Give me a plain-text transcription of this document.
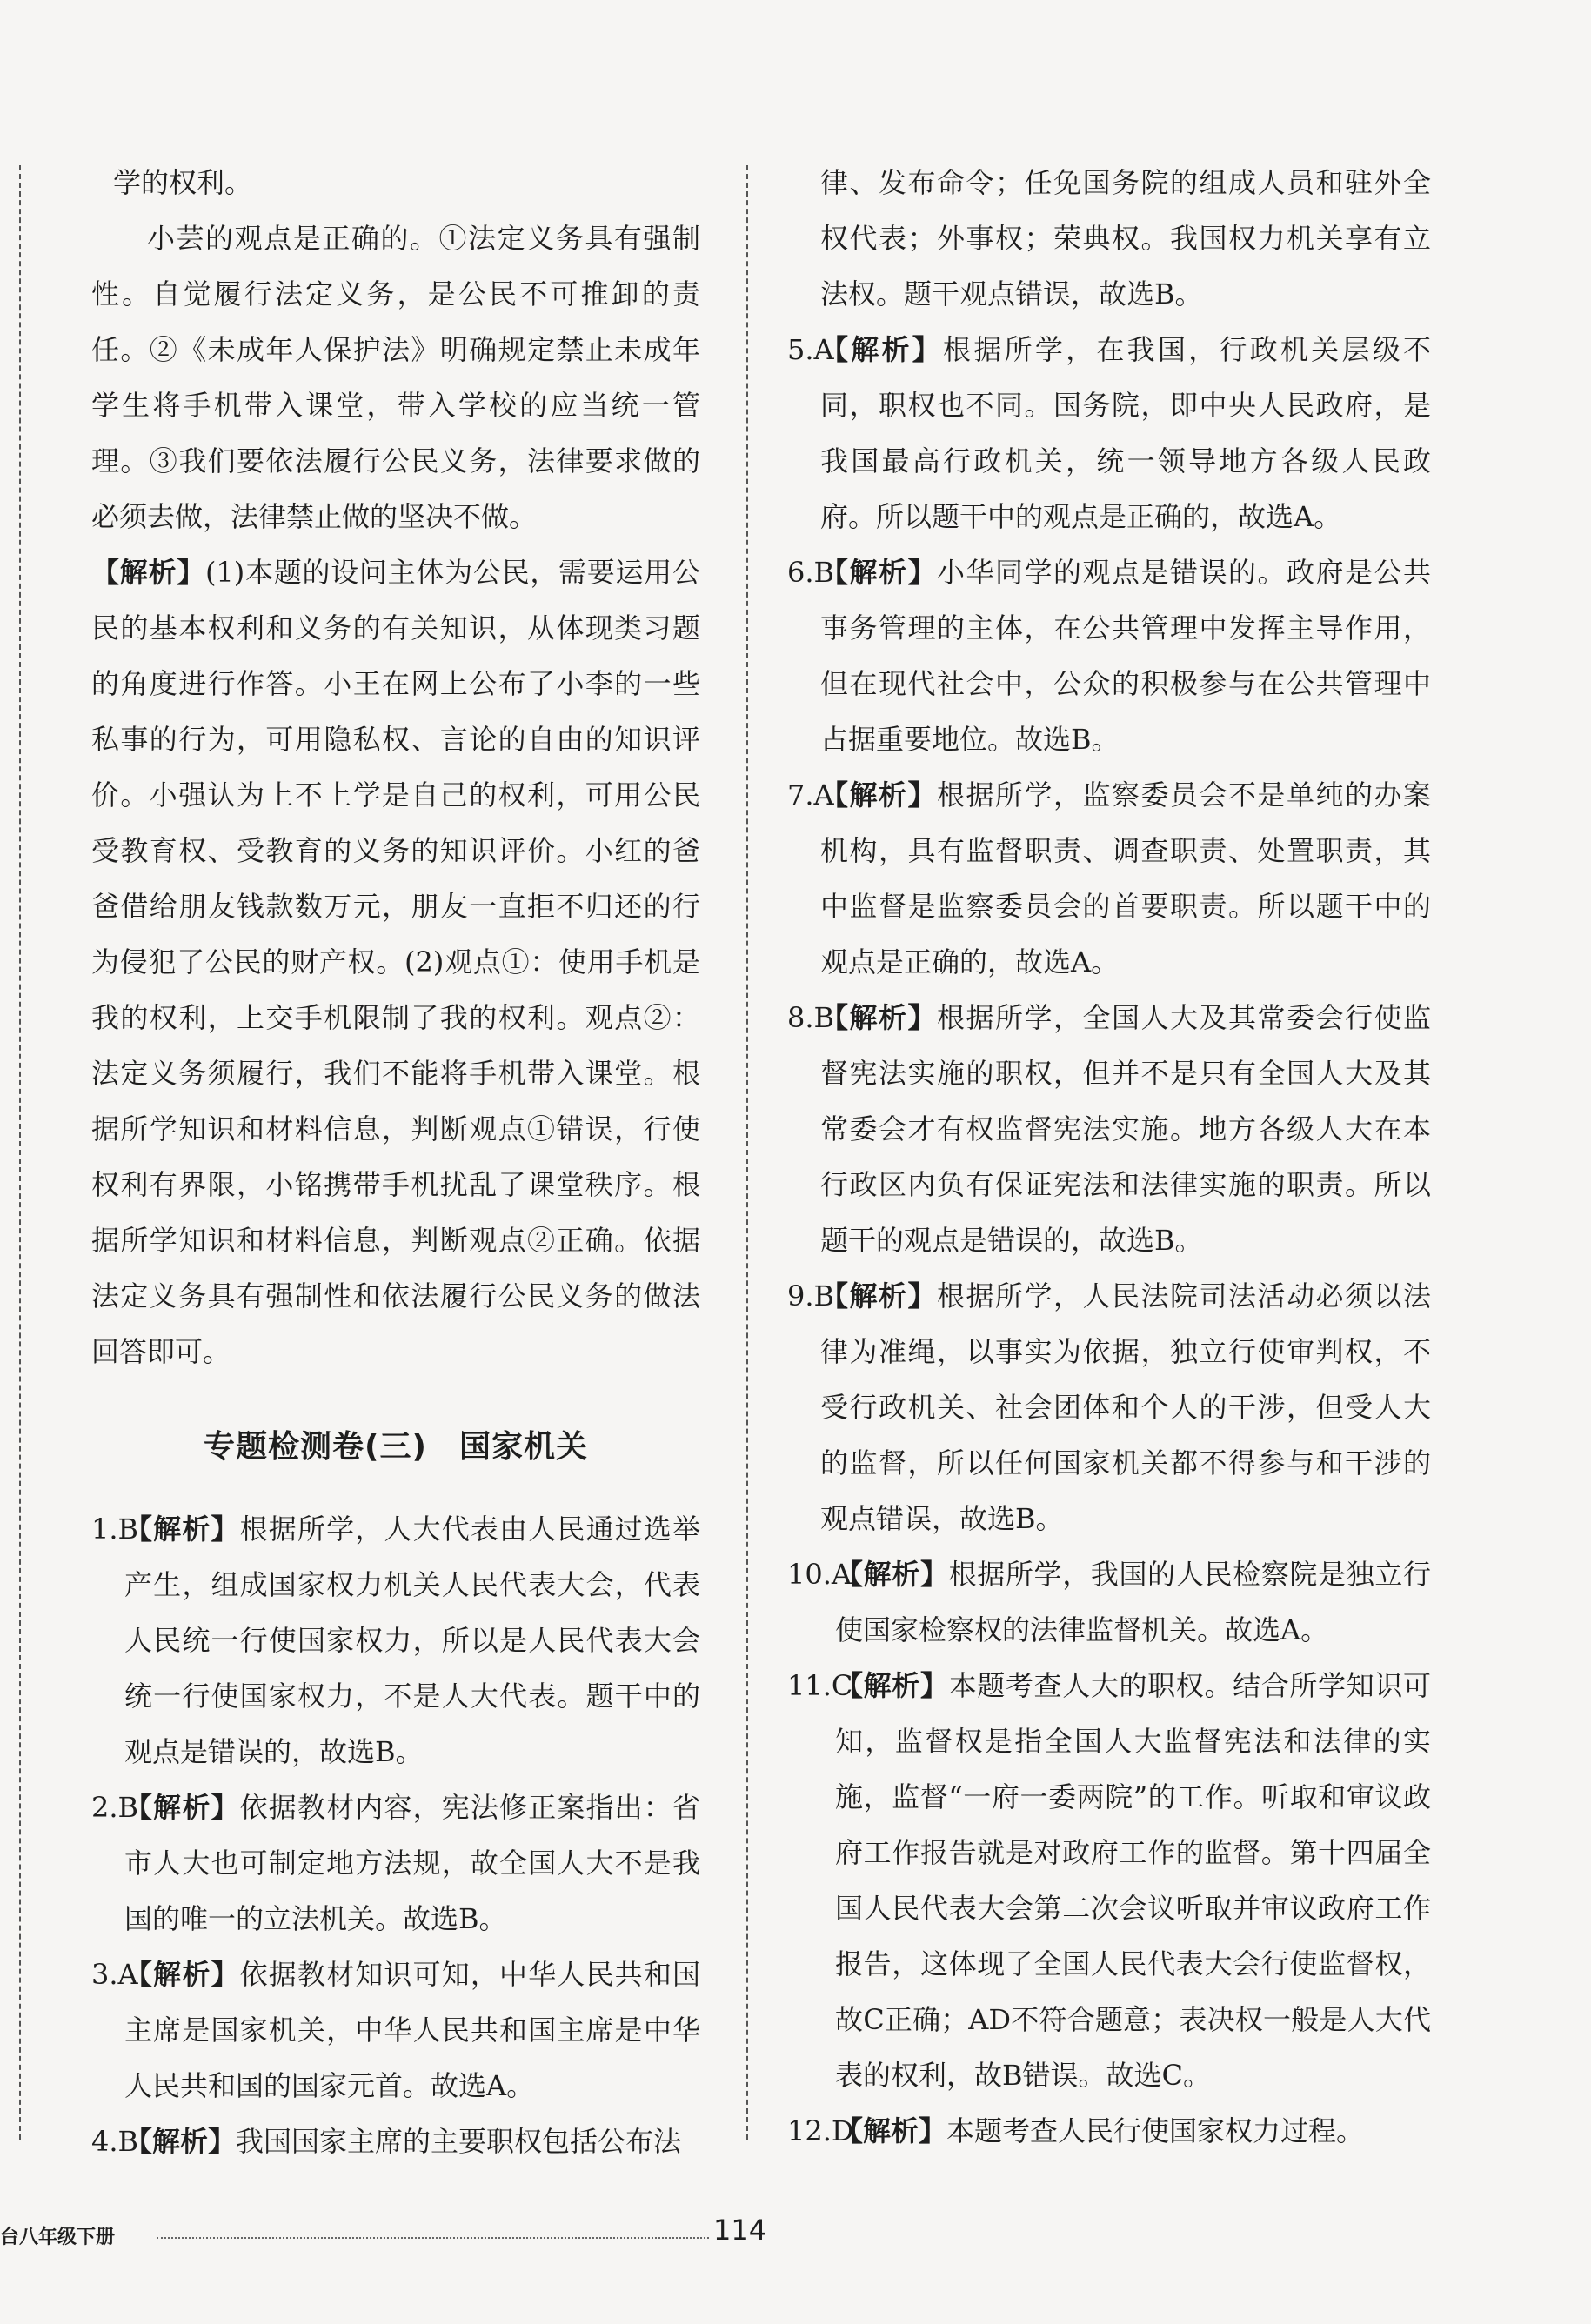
学的权利。

小芸的观点是正确的。①法定义务具有强制性。自觉履行法定义务，是公民不可推卸的责任。②《未成年人保护法》明确规定禁止未成年学生将手机带入课堂，带入学校的应当统一管理。③我们要依法履行公民义务，法律要求做的必须去做，法律禁止做的坚决不做。

【解析】(1)本题的设问主体为公民，需要运用公民的基本权利和义务的有关知识，从体现类习题的角度进行作答。小王在网上公布了小李的一些私事的行为，可用隐私权、言论的自由的知识评价。小强认为上不上学是自己的权利，可用公民受教育权、受教育的义务的知识评价。小红的爸爸借给朋友钱款数万元，朋友一直拒不归还的行为侵犯了公民的财产权。(2)观点①：使用手机是我的权利，上交手机限制了我的权利。观点②：法定义务须履行，我们不能将手机带入课堂。根据所学知识和材料信息，判断观点①错误，行使权利有界限，小铭携带手机扰乱了课堂秩序。根据所学知识和材料信息，判断观点②正确。依据法定义务具有强制性和依法履行公民义务的做法回答即可。

专题检测卷(三)　国家机关

1.B
【解析】根据所学，人大代表由人民通过选举产生，组成国家权力机关人民代表大会，代表人民统一行使国家权力，所以是人民代表大会统一行使国家权力，不是人大代表。题干中的观点是错误的，故选B。

2.B
【解析】依据教材内容，宪法修正案指出：省市人大也可制定地方法规，故全国人大不是我国的唯一的立法机关。故选B。

3.A
【解析】依据教材知识可知，中华人民共和国主席是国家机关，中华人民共和国主席是中华人民共和国的国家元首。故选A。

4.B
【解析】我国国家主席的主要职权包括公布法

律、发布命令；任免国务院的组成人员和驻外全权代表；外事权；荣典权。我国权力机关享有立法权。题干观点错误，故选B。

5.A
【解析】根据所学，在我国，行政机关层级不同，职权也不同。国务院，即中央人民政府，是我国最高行政机关，统一领导地方各级人民政府。所以题干中的观点是正确的，故选A。

6.B
【解析】小华同学的观点是错误的。政府是公共事务管理的主体，在公共管理中发挥主导作用，但在现代社会中，公众的积极参与在公共管理中占据重要地位。故选B。

7.A
【解析】根据所学，监察委员会不是单纯的办案机构，具有监督职责、调查职责、处置职责，其中监督是监察委员会的首要职责。所以题干中的观点是正确的，故选A。

8.B
【解析】根据所学，全国人大及其常委会行使监督宪法实施的职权，但并不是只有全国人大及其常委会才有权监督宪法实施。地方各级人大在本行政区内负有保证宪法和法律实施的职责。所以题干的观点是错误的，故选B。

9.B
【解析】根据所学，人民法院司法活动必须以法律为准绳，以事实为依据，独立行使审判权，不受行政机关、社会团体和个人的干涉，但受人大的监督，所以任何国家机关都不得参与和干涉的观点错误，故选B。

10.A
【解析】根据所学，我国的人民检察院是独立行使国家检察权的法律监督机关。故选A。

11.C
【解析】本题考查人大的职权。结合所学知识可知，监督权是指全国人大监督宪法和法律的实施，监督“一府一委两院”的工作。听取和审议政府工作报告就是对政府工作的监督。第十四届全国人民代表大会第二次会议听取并审议政府工作报告，这体现了全国人民代表大会行使监督权，故C正确；AD不符合题意；表决权一般是人大代表的权利，故B错误。故选C。

12.D
【解析】本题考查人民行使国家权力过程。

台八年级下册	114
